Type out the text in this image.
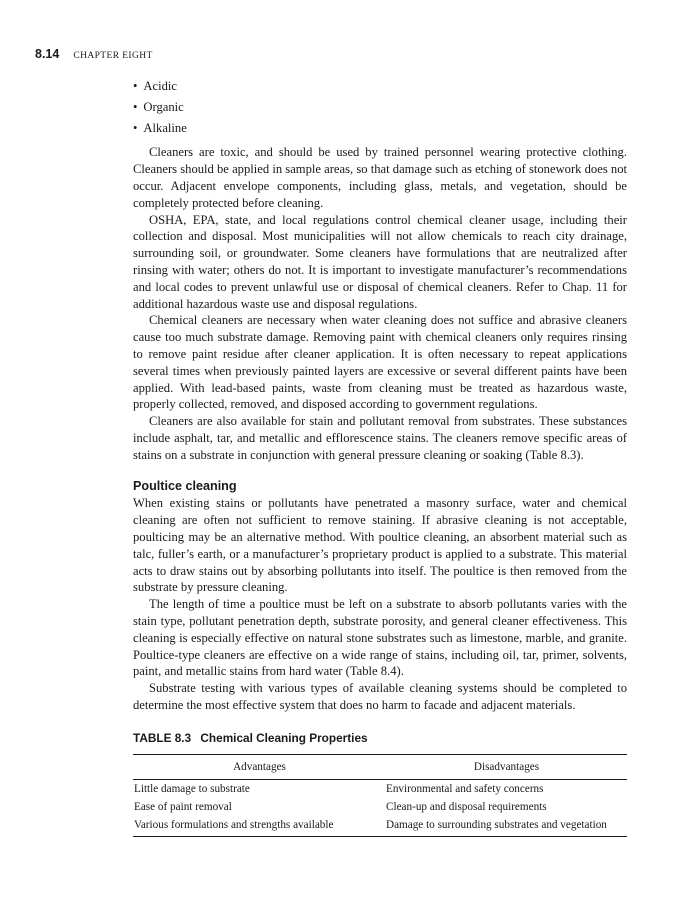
8.14 CHAPTER EIGHT
• Acidic
• Organic
• Alkaline

Cleaners are toxic, and should be used by trained personnel wearing protective clothing. Cleaners should be applied in sample areas, so that damage such as etching of stonework does not occur. Adjacent envelope components, including glass, metals, and vegetation, should be completely protected before cleaning.

OSHA, EPA, state, and local regulations control chemical cleaner usage, including their collection and disposal. Most municipalities will not allow chemicals to reach city drainage, surrounding soil, or groundwater. Some cleaners have formulations that are neutralized after rinsing with water; others do not. It is important to investigate manufacturer’s recommendations and local codes to prevent unlawful use or disposal of chemical cleaners. Refer to Chap. 11 for additional hazardous waste use and disposal regulations.

Chemical cleaners are necessary when water cleaning does not suffice and abrasive cleaners cause too much substrate damage. Removing paint with chemical cleaners only requires rinsing to remove paint residue after cleaner application. It is often necessary to repeat applications several times when previously painted layers are excessive or several different paints have been applied. With lead-based paints, waste from cleaning must be treated as hazardous waste, properly collected, removed, and disposed according to government regulations.

Cleaners are also available for stain and pollutant removal from substrates. These substances include asphalt, tar, and metallic and efflorescence stains. The cleaners remove specific areas of stains on a substrate in conjunction with general pressure cleaning or soaking (Table 8.3).

Poultice cleaning

When existing stains or pollutants have penetrated a masonry surface, water and chemical cleaning are often not sufficient to remove staining. If abrasive cleaning is not acceptable, poulticing may be an alternative method. With poultice cleaning, an absorbent material such as talc, fuller’s earth, or a manufacturer’s proprietary product is applied to a substrate. This material acts to draw stains out by absorbing pollutants into itself. The poultice is then removed from the substrate by pressure cleaning.

The length of time a poultice must be left on a substrate to absorb pollutants varies with the stain type, pollutant penetration depth, substrate porosity, and general cleaner effectiveness. This cleaning is especially effective on natural stone substrates such as limestone, marble, and granite. Poultice-type cleaners are effective on a wide range of stains, including oil, tar, primer, solvents, paint, and metallic stains from hard water (Table 8.4).

Substrate testing with various types of available cleaning systems should be completed to determine the most effective system that does no harm to facade and adjacent materials.

TABLE 8.3 Chemical Cleaning Properties
Advantages	Disadvantages
Little damage to substrate	Environmental and safety concerns
Ease of paint removal	Clean-up and disposal requirements
Various formulations and strengths available	Damage to surrounding substrates and vegetation
